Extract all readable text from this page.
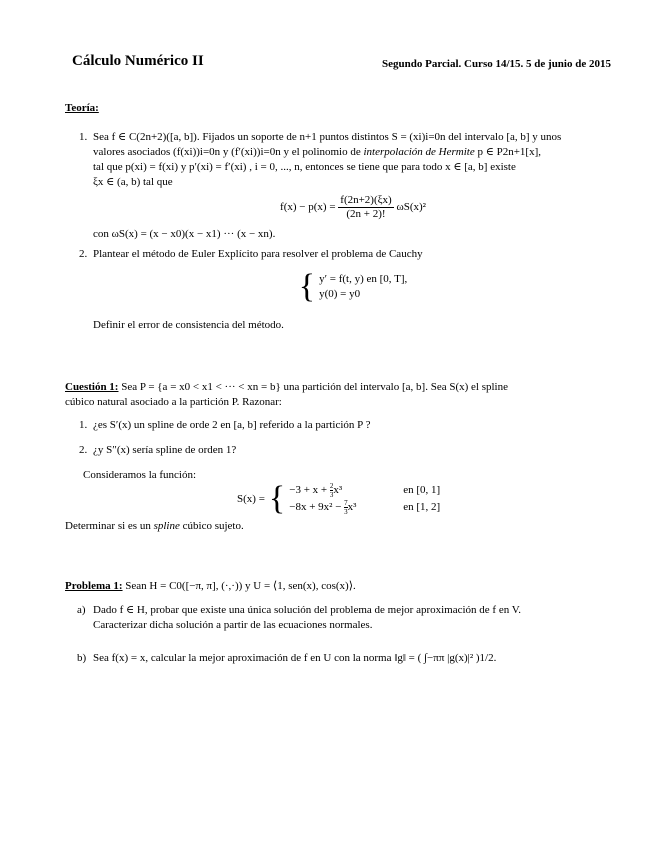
Cálculo Numérico II	Segundo Parcial. Curso 14/15. 5 de junio de 2015
Teoría:
1. Sea f ∈ C(2n+2)([a, b]). Fijados un soporte de n+1 puntos distintos S = (xi)i=0n del intervalo [a, b] y unos
valores asociados (f(xi))i=0n y (f′(xi))i=0n y el polinomio de interpolación de Hermite p ∈ P2n+1[x],
tal que p(xi) = f(xi) y p′(xi) = f′(xi) , i = 0, ..., n, entonces se tiene que para todo x ∈ [a, b] existe
ξx ∈ (a, b) tal que
$f(x) - p(x) = \frac{f(2n+2)(\xi x)}{(2n + 2)!} \omega S(x)^2$
con ωS(x) = (x − x0)(x − x1) ··· (x − xn).
2. Plantear el método de Euler Explícito para resolver el problema de Cauchy
{ y′ = f(t, y) en [0, T],
y(0) = y0
Definir el error de consistencia del método.
Cuestión 1: Sea P = {a = x0 < x1 < ··· < xn = b} una partición del intervalo [a, b]. Sea S(x) el spline
cúbico natural asociado a la partición P. Razonar:
1. ¿es S′(x) un spline de orde 2 en [a, b] referido a la partición P ?
2. ¿y S″(x) sería spline de orden 1?
Consideramos la función:
S(x) = { $-3 + x + \frac{2}{3} x^3$	en [0, 1]
$-8x + 9x^2 - \frac{7}{3} x^3$	en [1, 2]
Determinar si es un spline cúbico sujeto.
Problema 1: Sean H = C0([−π, π], (·,·)) y U = ⟨1, sen(x), cos(x)⟩.
a) Dado f ∈ H, probar que existe una única solución del problema de mejor aproximación de f en V.
Caracterizar dicha solución a partir de las ecuaciones normales.
b) Sea f(x) = x, calcular la mejor aproximación de f en U con la norma ‖g‖ = ( ∫−ππ |g(x)|² )1/2.
